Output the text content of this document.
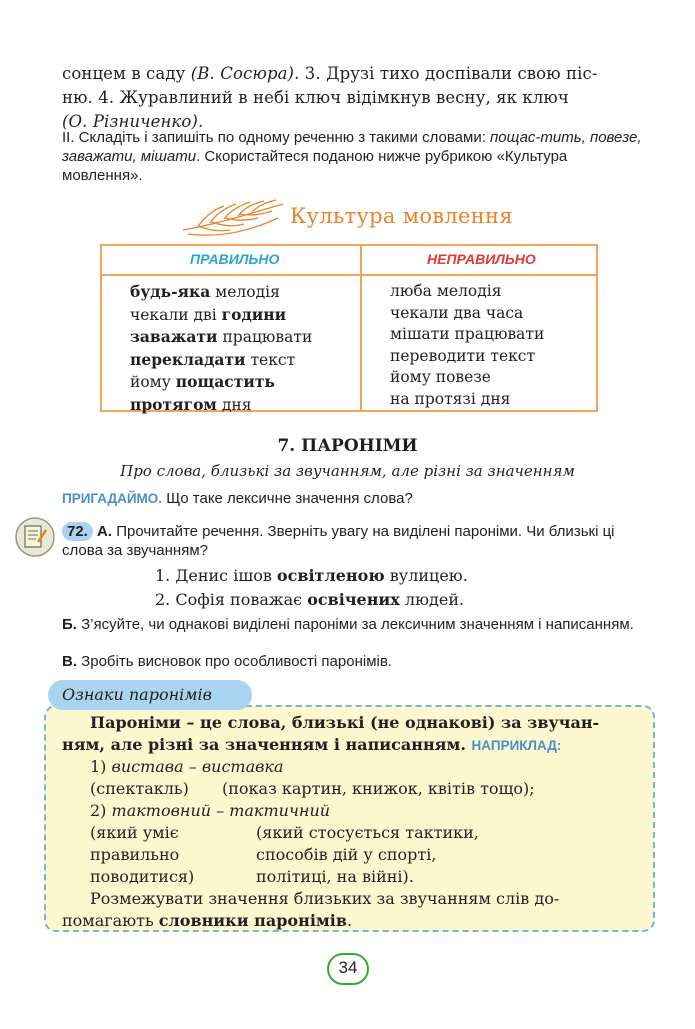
сонцем в саду (В. Сосюра). 3. Друзі тихо доспівали свою піс-
ню. 4. Журавлиний в небі ключ відімкнув весну, як ключ
(О. Різниченко).
II. Складіть і запишіть по одному реченню з такими словами: пощас-тить, повезе, заважати, мішати. Скористайтеся поданою нижче рубрикою «Культура мовлення».
Культура мовлення
ПРАВИЛЬНО	НЕПРАВИЛЬНО
будь-яка мелодія
чекали дві години
заважати працювати
перекладати текст
йому пощастить
протягом дня
люба мелодія
чекали два часа
мішати працювати
переводити текст
йому повезе
на протязі дня
7. ПАРОНІМИ
Про слова, близькі за звучанням, але різні за значенням
ПРИГАДАЙМО. Що таке лексичне значення слова?
72. А. Прочитайте речення. Зверніть увагу на виділені пароніми. Чи близькі ці слова за звучанням?
1. Денис ішов освітленою вулицею.
2. Софія поважає освічених людей.
Б. З’ясуйте, чи однакові виділені пароніми за лексичним значенням і написанням.
В. Зробіть висновок про особливості паронімів.
Ознаки паронімів
Пароніми – це слова, близькі (не однакові) за звучан-ням, але різні за значенням і написанням. НАПРИКЛАД:
1) вистава – виставка
(спектакль) (показ картин, книжок, квітів тощо);
2) тактовний – тактичний
(який уміє
правильно
поводитися)
(який стосується тактики,
способів дій у спорті,
політиці, на війні).
Розмежувати значення близьких за звучанням слів до-помагають словники паронімів.
34
